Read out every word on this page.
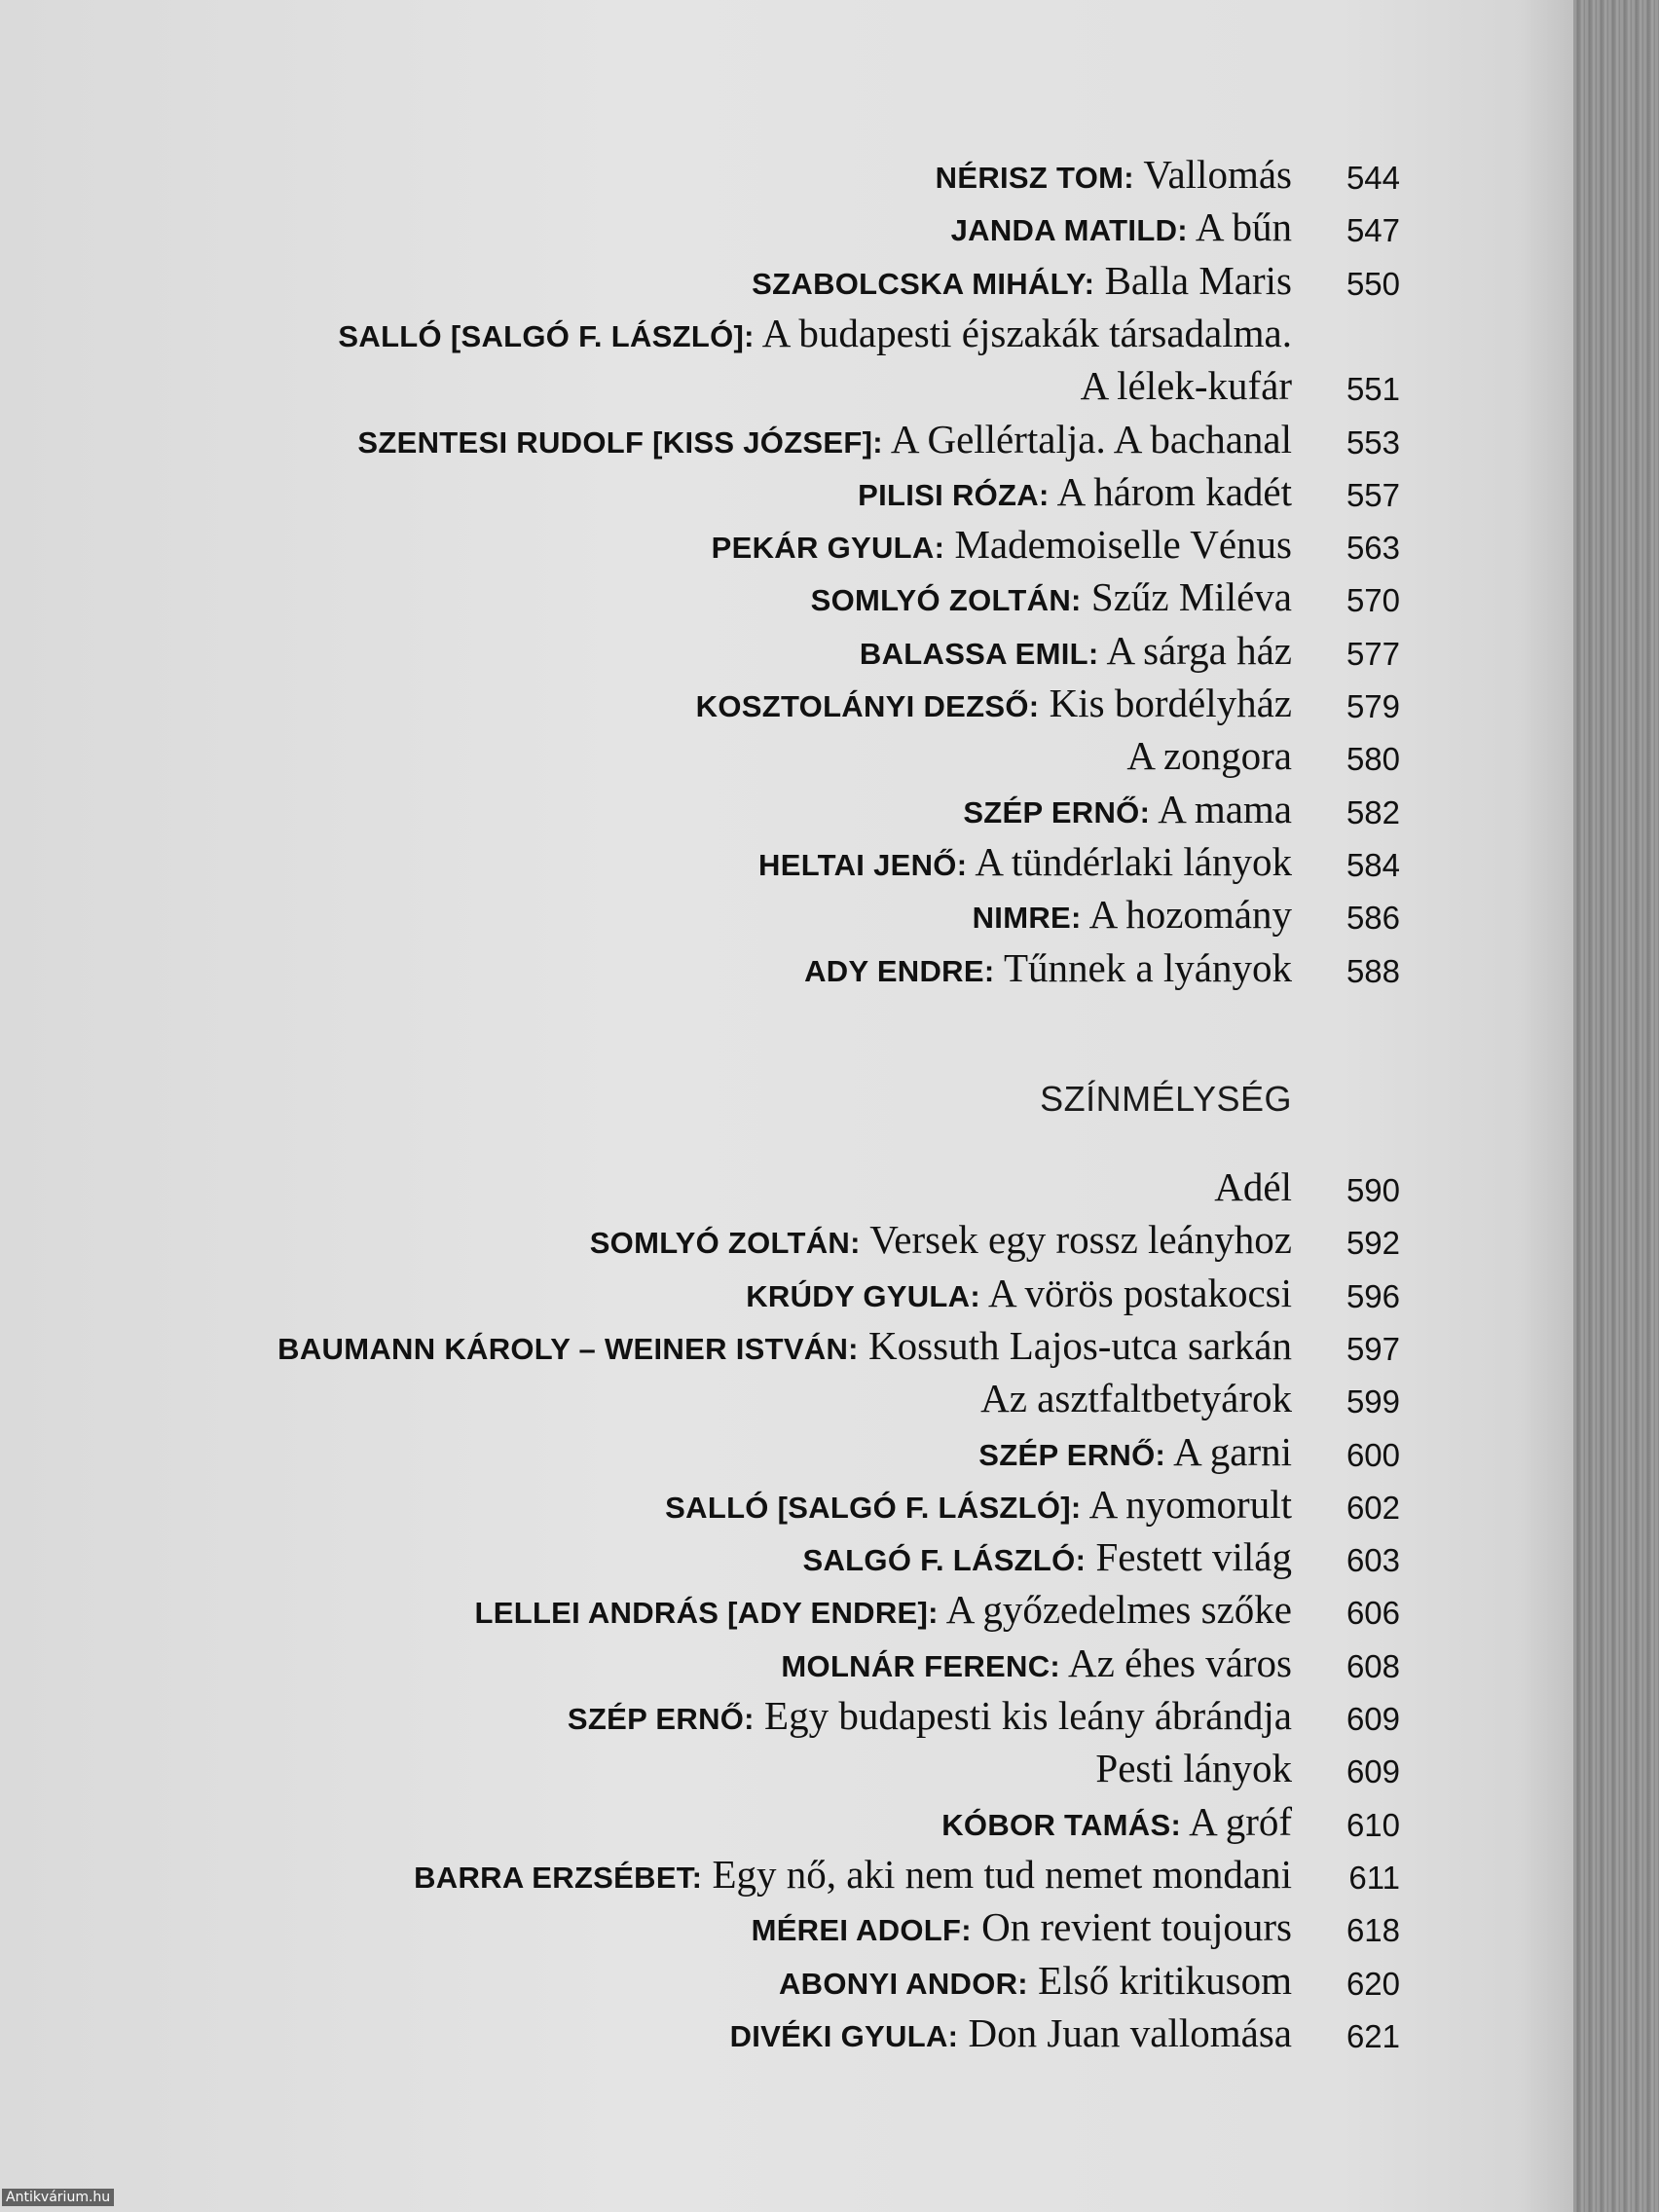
SZÍNMÉLYSÉG
NÉRISZ TOM: Vallomás	544
JANDA MATILD: A bűn	547
SZABOLCSKA MIHÁLY: Balla Maris	550
SALLÓ [SALGÓ F. LÁSZLÓ]: A budapesti éjszakák társadalma.
A lélek-kufár	551
SZENTESI RUDOLF [KISS JÓZSEF]: A Gellértalja. A bachanal	553
PILISI RÓZA: A három kadét	557
PEKÁR GYULA: Mademoiselle Vénus	563
SOMLYÓ ZOLTÁN: Szűz Miléva	570
BALASSA EMIL: A sárga ház	577
KOSZTOLÁNYI DEZSŐ: Kis bordélyház	579
A zongora	580
SZÉP ERNŐ: A mama	582
HELTAI JENŐ: A tündérlaki lányok	584
NIMRE: A hozomány	586
ADY ENDRE: Tűnnek a lyányok	588
Adél	590
SOMLYÓ ZOLTÁN: Versek egy rossz leányhoz	592
KRÚDY GYULA: A vörös postakocsi	596
BAUMANN KÁROLY – WEINER ISTVÁN: Kossuth Lajos-utca sarkán	597
Az asztfaltbetyárok	599
SZÉP ERNŐ: A garni	600
SALLÓ [SALGÓ F. LÁSZLÓ]: A nyomorult	602
SALGÓ F. LÁSZLÓ: Festett világ	603
LELLEI ANDRÁS [ADY ENDRE]: A győzedelmes szőke	606
MOLNÁR FERENC: Az éhes város	608
SZÉP ERNŐ: Egy budapesti kis leány ábrándja	609
Pesti lányok	609
KÓBOR TAMÁS: A gróf	610
BARRA ERZSÉBET: Egy nő, aki nem tud nemet mondani	611
MÉREI ADOLF: On revient toujours	618
ABONYI ANDOR: Első kritikusom	620
DIVÉKI GYULA: Don Juan vallomása	621
Antikvárium.hu
